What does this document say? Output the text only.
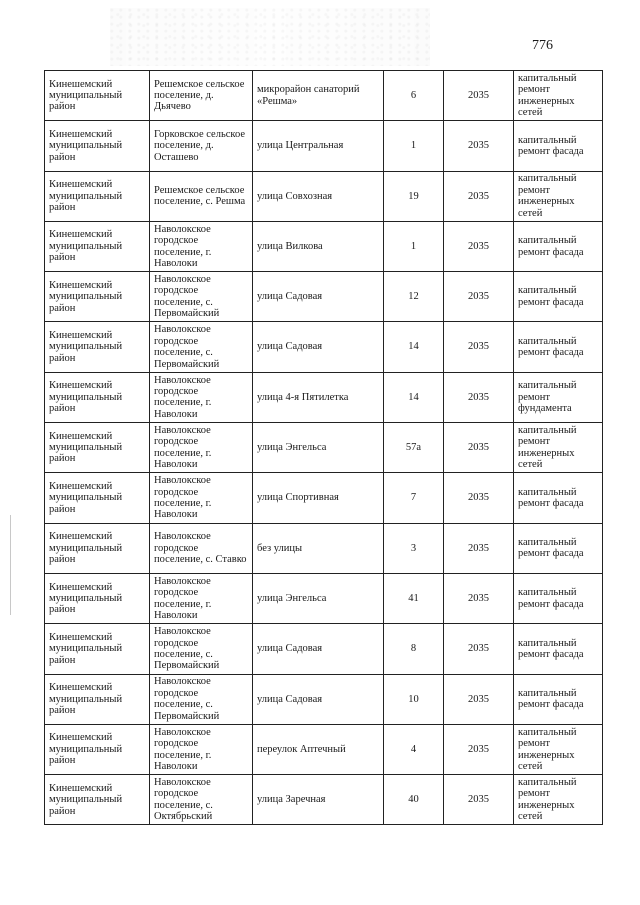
776
Кинешемский муниципальный район	Решемское сельское поселение, д. Дьячево	микрорайон санаторий «Решма»	6	2035	капитальный ремонт инженерных сетей
Кинешемский муниципальный район	Горковское сельское поселение, д. Осташево	улица Центральная	1	2035	капитальный ремонт фасада
Кинешемский муниципальный район	Решемское сельское поселение, с. Решма	улица Совхозная	19	2035	капитальный ремонт инженерных сетей
Кинешемский муниципальный район	Наволокское городское поселение, г. Наволоки	улица Вилкова	1	2035	капитальный ремонт фасада
Кинешемский муниципальный район	Наволокское городское поселение, с. Первомайский	улица Садовая	12	2035	капитальный ремонт фасада
Кинешемский муниципальный район	Наволокское городское поселение, с. Первомайский	улица Садовая	14	2035	капитальный ремонт фасада
Кинешемский муниципальный район	Наволокское городское поселение, г. Наволоки	улица 4-я Пятилетка	14	2035	капитальный ремонт фундамента
Кинешемский муниципальный район	Наволокское городское поселение, г. Наволоки	улица Энгельса	57а	2035	капитальный ремонт инженерных сетей
Кинешемский муниципальный район	Наволокское городское поселение, г. Наволоки	улица Спортивная	7	2035	капитальный ремонт фасада
Кинешемский муниципальный район	Наволокское городское поселение, с. Ставко	без улицы	3	2035	капитальный ремонт фасада
Кинешемский муниципальный район	Наволокское городское поселение, г. Наволоки	улица Энгельса	41	2035	капитальный ремонт фасада
Кинешемский муниципальный район	Наволокское городское поселение, с. Первомайский	улица Садовая	8	2035	капитальный ремонт фасада
Кинешемский муниципальный район	Наволокское городское поселение, с. Первомайский	улица Садовая	10	2035	капитальный ремонт фасада
Кинешемский муниципальный район	Наволокское городское поселение, г. Наволоки	переулок Аптечный	4	2035	капитальный ремонт инженерных сетей
Кинешемский муниципальный район	Наволокское городское поселение, с. Октябрьский	улица Заречная	40	2035	капитальный ремонт инженерных сетей
